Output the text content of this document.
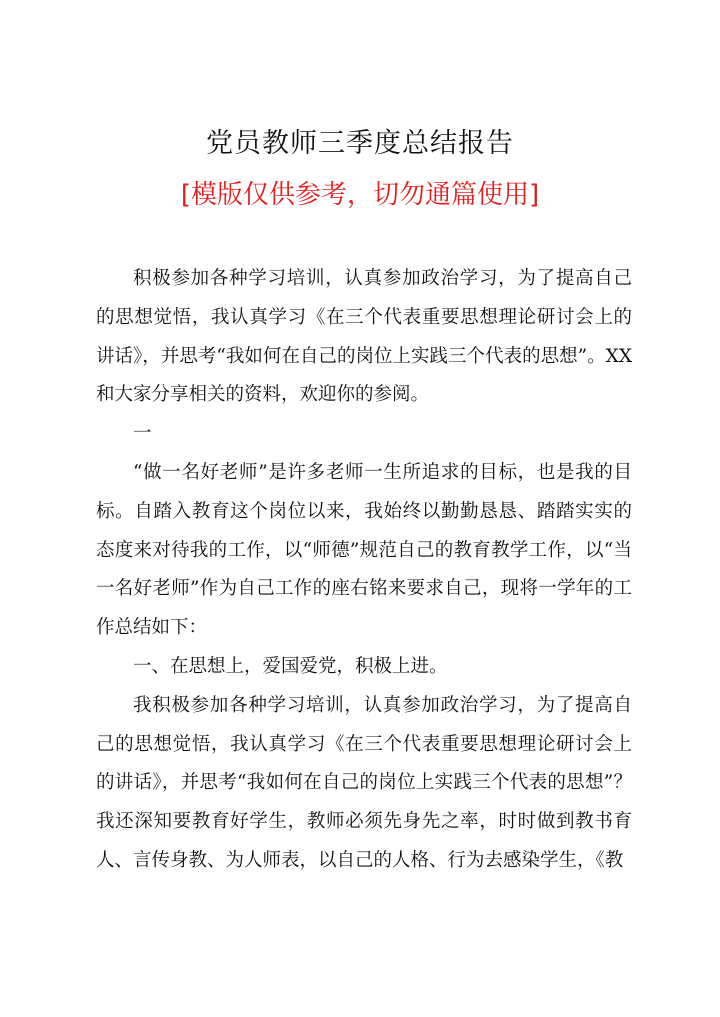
党员教师三季度总结报告
[模版仅供参考，切勿通篇使用]

积极参加各种学习培训，认真参加政治学习，为了提高自己的思想觉悟，我认真学习《在三个代表重要思想理论研讨会上的讲话》，并思考“我如何在自己的岗位上实践三个代表的思想”。XX和大家分享相关的资料，欢迎你的参阅。

一

“做一名好老师”是许多老师一生所追求的目标，也是我的目标。自踏入教育这个岗位以来，我始终以勤勤恳恳、踏踏实实的态度来对待我的工作，以“师德”规范自己的教育教学工作，以“当一名好老师”作为自己工作的座右铭来要求自己，现将一学年的工作总结如下：

一、在思想上，爱国爱党，积极上进。

我积极参加各种学习培训，认真参加政治学习，为了提高自己的思想觉悟，我认真学习《在三个代表重要思想理论研讨会上的讲话》，并思考“我如何在自己的岗位上实践三个代表的思想”？我还深知要教育好学生，教师必须先身先之率，时时做到教书育人、言传身教、为人师表，以自己的人格、行为去感染学生，《教
